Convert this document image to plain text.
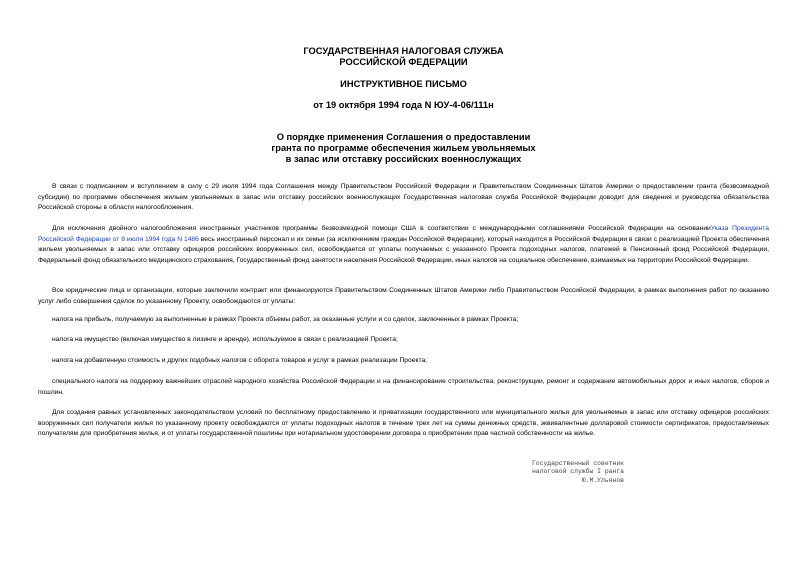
ГОСУДАРСТВЕННАЯ НАЛОГОВАЯ СЛУЖБА
РОССИЙСКОЙ ФЕДЕРАЦИИ
ИНСТРУКТИВНОЕ ПИСЬМО
от 19 октября 1994 года N ЮУ-4-06/111н
О порядке применения Соглашения о предоставлении
гранта по программе обеспечения жильем увольняемых
в запас или отставку российских военнослужащих
В связи с подписанием и вступлением в силу с 29 июля 1994 года Соглашения между Правительством Российской Федерации и Правительством Соединенных Штатов Америки о предоставлении гранта (безвозмездной субсидии) по программе обеспечения жильем увольняемых в запас или отставку российских военнослужащих Государственная налоговая служба Российской Федерации доводит для сведения и руководства обязательства Российской стороны в области налогообложения.
Для исключения двойного налогообложения иностранных участников программы безвозмездной помощи США в соответствии с международными соглашениями Российской Федерации на основанииУказа Президента Российской Федерации от 8 июля 1994 года N 1486 весь иностранный персонал и их семьи (за исключением граждан Российской Федерации), который находится в Российской Федерации в связи с реализацией Проекта обеспечения жильем увольняемых в запас или отставку офицеров российских вооруженных сил, освобождается от уплаты получаемых с указанного Проекта подоходных налогов, платежей в Пенсионный фонд Российской Федерации, Федеральный фонд обязательного медицинского страхования, Государственный фонд занятости населения Российской Федерации, иных налогов на социальное обеспечение, взимаемых на территории Российской Федерации.
Все юридические лица и организации, которые заключили контракт или финансируются Правительством Соединенных Штатов Америки либо Правительством Российской Федерации, в рамках выполнения работ по оказанию услуг либо совершения сделок по указанному Проекту, освобождаются от уплаты:
налога на прибыль, получаемую за выполненные в рамках Проекта объемы работ, за оказанные услуги и со сделок, заключенных в рамках Проекта;
налога на имущество (включая имущество в лизинге и аренде), используемое в связи с реализацией Проекта;
налога на добавленную стоимость и других подобных налогов с оборота товаров и услуг в рамках реализации Проекта;
специального налога на поддержку важнейших отраслей народного хозяйства Российской Федерации и на финансирование строительства, реконструкции, ремонт и содержание автомобильных дорог и иных налогов, сборов и пошлин.
Для создания равных установленных законодательством условий по бесплатному предоставлению и приватизации государственного или муниципального жилья для увольняемых в запас или отставку офицеров российских вооруженных сил получатели жилья по указанному проекту освобождаются от уплаты подоходных налогов в течение трех лет на суммы денежных средств, эквивалентные долларовой стоимости сертификатов, предоставляемых получателям для приобретения жилья, и от уплаты государственной пошлины при нотариальном удостоверении договора о приобретении прав частной собственности на жилье.
Государственный советник
налоговой службы I ранга
Ю.М.Ульянов
